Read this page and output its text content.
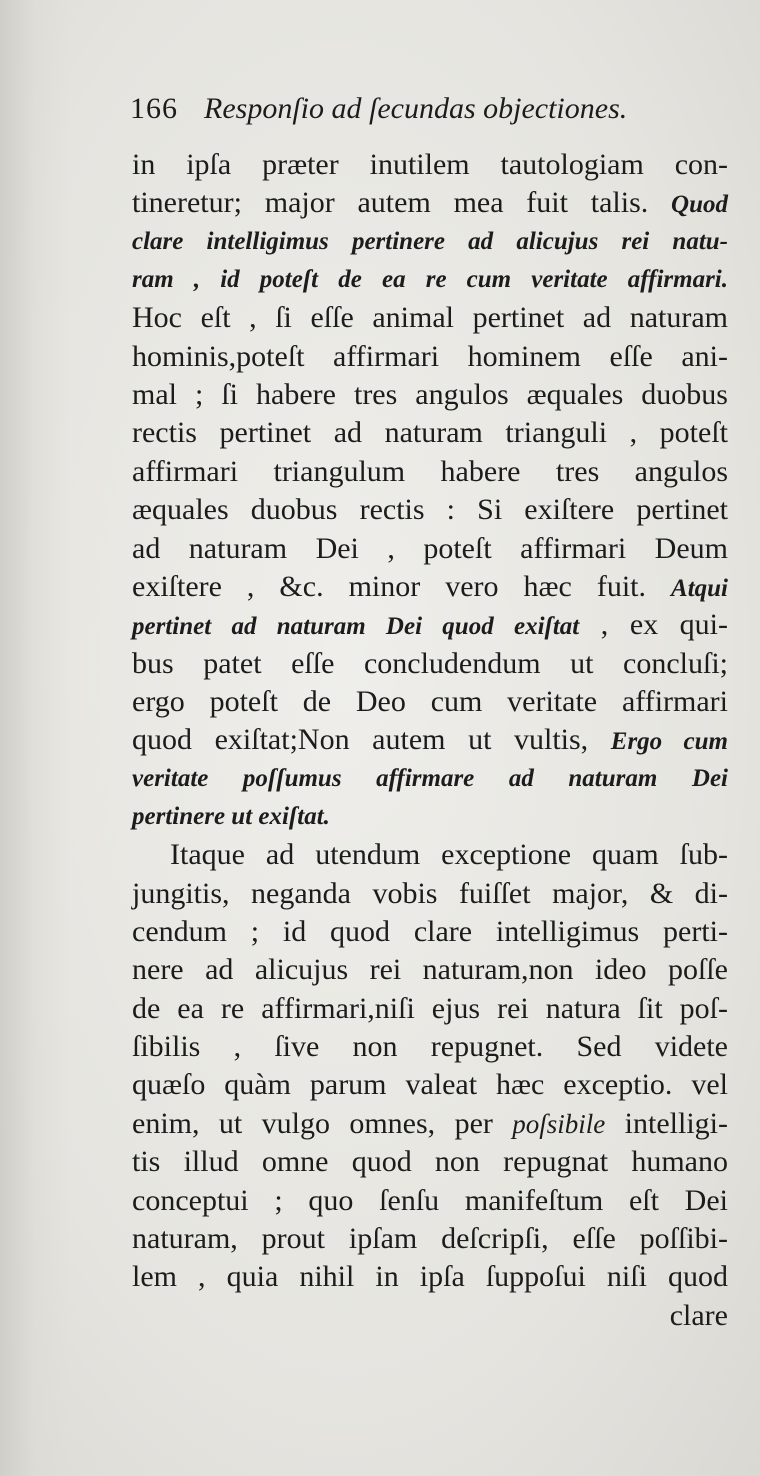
166 Responſio ad ſecundas objectiones.
in ipſa præter inutilem tautologiam con-
tineretur; major autem mea fuit talis. Quod
clare intelligimus pertinere ad alicujus rei natu-
ram , id poteſt de ea re cum veritate affirmari.
Hoc eſt , ſi eſſe animal pertinet ad naturam
hominis,poteſt affirmari hominem eſſe ani-
mal ; ſi habere tres angulos æquales duobus
rectis pertinet ad naturam trianguli , poteſt
affirmari triangulum habere tres angulos
æquales duobus rectis : Si exiſtere pertinet
ad naturam Dei , poteſt affirmari Deum
exiſtere , &c. minor vero hæc fuit. Atqui
pertinet ad naturam Dei quod exiſtat , ex qui-
bus patet eſſe concludendum ut concluſi;
ergo poteſt de Deo cum veritate affirmari
quod exiſtat;Non autem ut vultis, Ergo cum
veritate poſſumus affirmare ad naturam Dei
pertinere ut exiſtat.
Itaque ad utendum exceptione quam ſub-
jungitis, neganda vobis fuiſſet major, & di-
cendum ; id quod clare intelligimus perti-
nere ad alicujus rei naturam,non ideo poſſe
de ea re affirmari,niſi ejus rei natura ſit poſ-
ſibilis , ſive non repugnet. Sed videte
quæſo quàm parum valeat hæc exceptio. vel
enim, ut vulgo omnes, per poſsibile intelligi-
tis illud omne quod non repugnat humano
conceptui ; quo ſenſu manifeſtum eſt Dei
naturam, prout ipſam deſcripſi, eſſe poſſibi-
lem , quia nihil in ipſa ſuppoſui niſi quod
clare
